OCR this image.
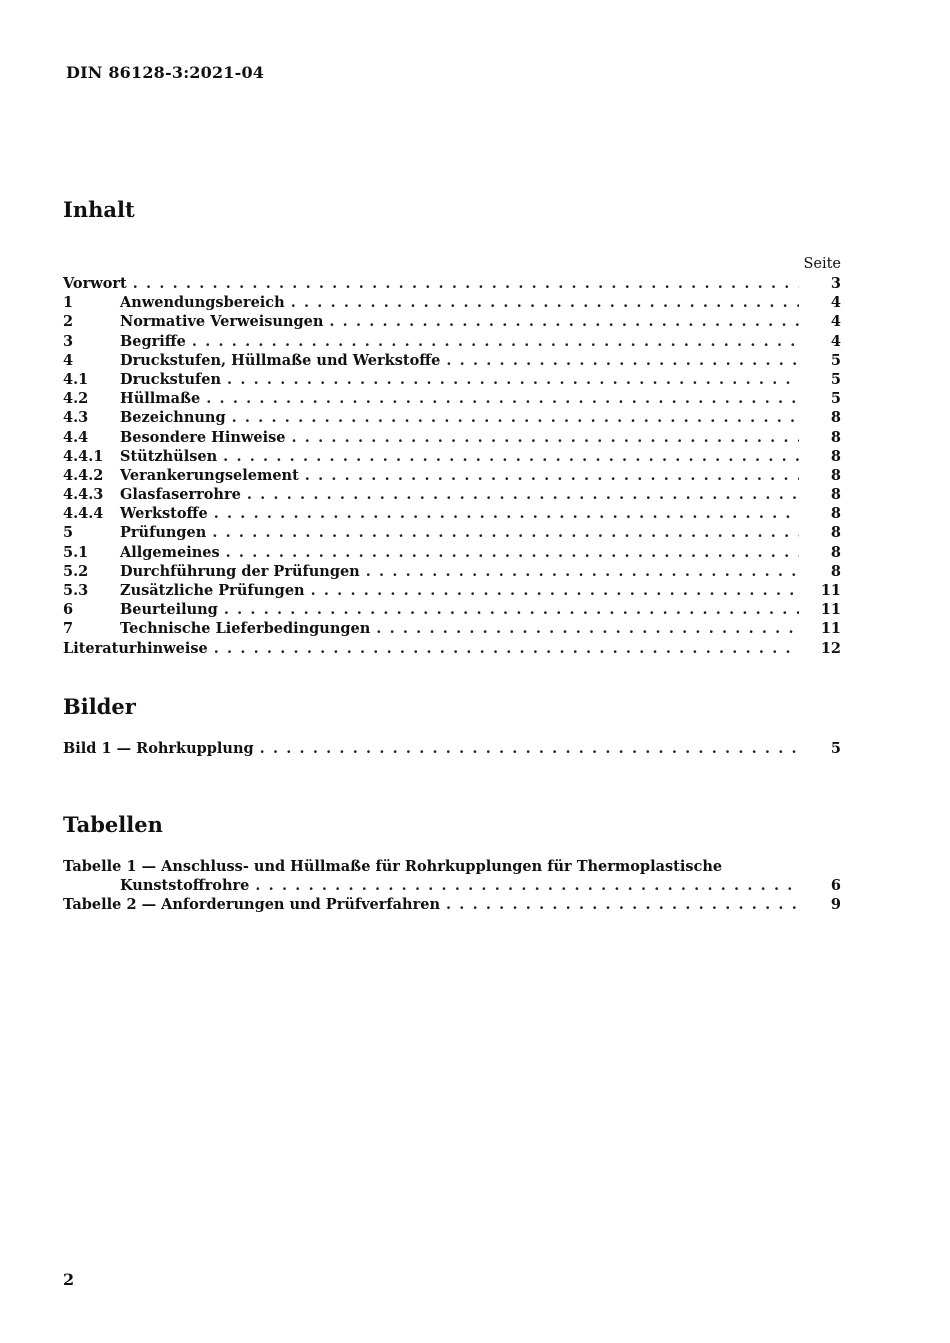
DIN 86128-3:2021-04
Inhalt
Seite
Vorwort . . .	3
1	Anwendungsbereich . . .	4
2	Normative Verweisungen . . .	4
3	Begriffe . . .	4
4	Druckstufen, Hüllmaße und Werkstoffe . . .	5
4.1	Druckstufen . . .	5
4.2	Hüllmaße . . .	5
4.3	Bezeichnung . . .	8
4.4	Besondere Hinweise . . .	8
4.4.1	Stützhülsen . . .	8
4.4.2	Verankerungselement . . .	8
4.4.3	Glasfaserrohre . . .	8
4.4.4	Werkstoffe . . .	8
5	Prüfungen . . .	8
5.1	Allgemeines . . .	8
5.2	Durchführung der Prüfungen . . .	8
5.3	Zusätzliche Prüfungen . . .	11
6	Beurteilung . . .	11
7	Technische Lieferbedingungen . . .	11
Literaturhinweise . . .	12
Bilder
Bild 1 — Rohrkupplung . . .	5
Tabellen
Tabelle 1 — Anschluss- und Hüllmaße für Rohrkupplungen für Thermoplastische
Kunststoffrohre . . .	6
Tabelle 2 — Anforderungen und Prüfverfahren . . .	9
2
